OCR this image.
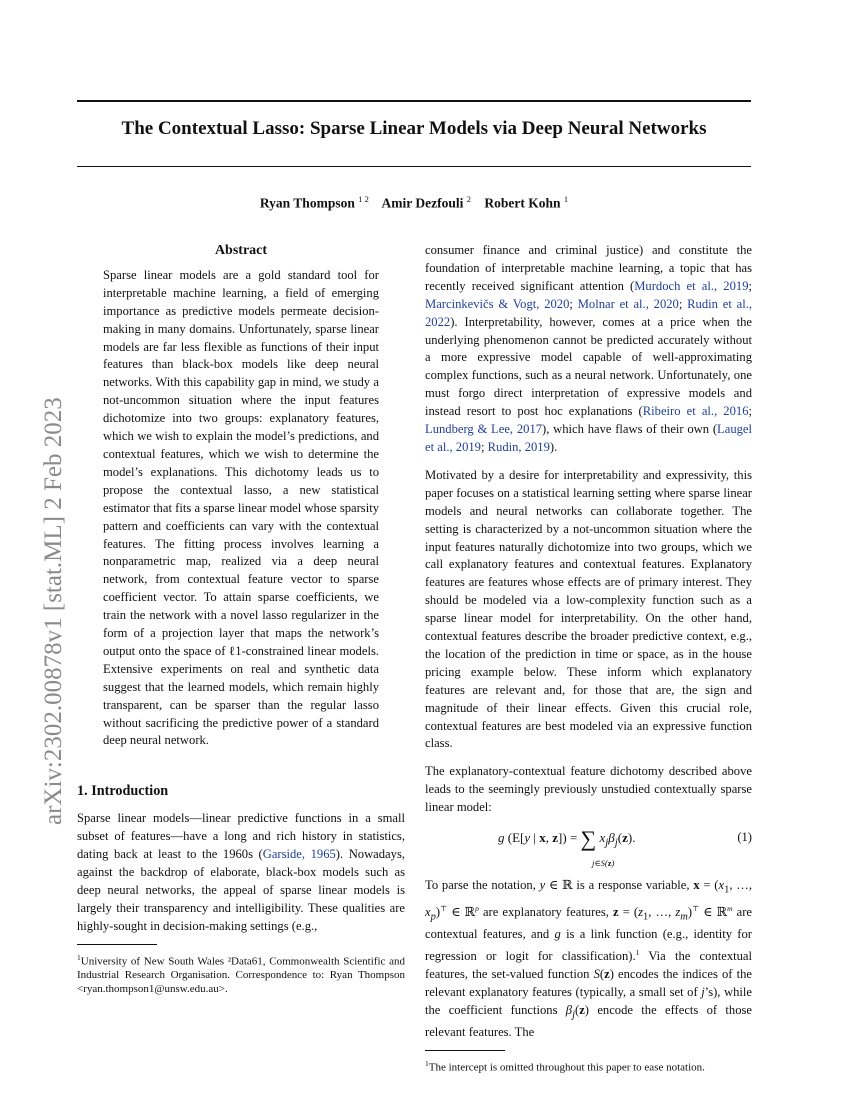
The Contextual Lasso: Sparse Linear Models via Deep Neural Networks

Ryan Thompson $^{1 2}$ Amir Dezfouli $^2$ Robert Kohn $^1$

arXiv:2302.00878v1 [stat.ML] 2 Feb 2023
Abstract

Sparse linear models are a gold standard tool for interpretable machine learning, a field of emerging importance as predictive models permeate decision-making in many domains. Unfortunately, sparse linear models are far less flexible as functions of their input features than black-box models like deep neural networks. With this capability gap in mind, we study a not-uncommon situation where the input features dichotomize into two groups: explanatory features, which we wish to explain the model’s predictions, and contextual features, which we wish to determine the model’s explanations. This dichotomy leads us to propose the contextual lasso, a new statistical estimator that fits a sparse linear model whose sparsity pattern and coefficients can vary with the contextual features. The fitting process involves learning a nonparametric map, realized via a deep neural network, from contextual feature vector to sparse coefficient vector. To attain sparse coefficients, we train the network with a novel lasso regularizer in the form of a projection layer that maps the network’s output onto the space of ℓ1-constrained linear models. Extensive experiments on real and synthetic data suggest that the learned models, which remain highly transparent, can be sparser than the regular lasso without sacrificing the predictive power of a standard deep neural network.

1. Introduction

Sparse linear models—linear predictive functions in a small subset of features—have a long and rich history in statistics, dating back at least to the 1960s (Garside, 1965). Nowadays, against the backdrop of elaborate, black-box models such as deep neural networks, the appeal of sparse linear models is largely their transparency and intelligibility. These qualities are highly-sought in decision-making settings (e.g.,

$^1$University of New South Wales ²Data61, Commonwealth Scientific and Industrial Research Organisation. Correspondence to: Ryan Thompson <ryan.thompson1@unsw.edu.au>.

consumer finance and criminal justice) and constitute the foundation of interpretable machine learning, a topic that has recently received significant attention (Murdoch et al., 2019; Marcinkevičs & Vogt, 2020; Molnar et al., 2020; Rudin et al., 2022). Interpretability, however, comes at a price when the underlying phenomenon cannot be predicted accurately without a more expressive model capable of well-approximating complex functions, such as a neural network. Unfortunately, one must forgo direct interpretation of expressive models and instead resort to post hoc explanations (Ribeiro et al., 2016; Lundberg & Lee, 2017), which have flaws of their own (Laugel et al., 2019; Rudin, 2019).

Motivated by a desire for interpretability and expressivity, this paper focuses on a statistical learning setting where sparse linear models and neural networks can collaborate together. The setting is characterized by a not-uncommon situation where the input features naturally dichotomize into two groups, which we call explanatory features and contextual features. Explanatory features are features whose effects are of primary interest. They should be modeled via a low-complexity function such as a sparse linear model for interpretability. On the other hand, contextual features describe the broader predictive context, e.g., the location of the prediction in time or space, as in the house pricing example below. These inform which explanatory features are relevant and, for those that are, the sign and magnitude of their linear effects. Given this crucial role, contextual features are best modeled via an expressive function class.

The explanatory-contextual feature dichotomy described above leads to the seemingly previously unstudied contextually sparse linear model:

g (E[y | x, z]) = ∑ $x_j\beta_j(z)$.
j∈S(z)
(1)

To parse the notation, y ∈ ℝ is a response variable, $x = (x_1$, …, $x_p)^⊤$ ∈ ℝ$^p$ are explanatory features, $z = (z_1$, …, $z_m)^⊤$ ∈ ℝ$^m$ are contextual features, and g is a link function (e.g., identity for regression or logit for classification).$^1$ Via the contextual features, the set-valued function S(z) encodes the indices of the relevant explanatory features (typically, a small set of j’s), while the coefficient functions $\beta_j(z)$ encode the effects of those relevant features. The

$^1$The intercept is omitted throughout this paper to ease notation.
